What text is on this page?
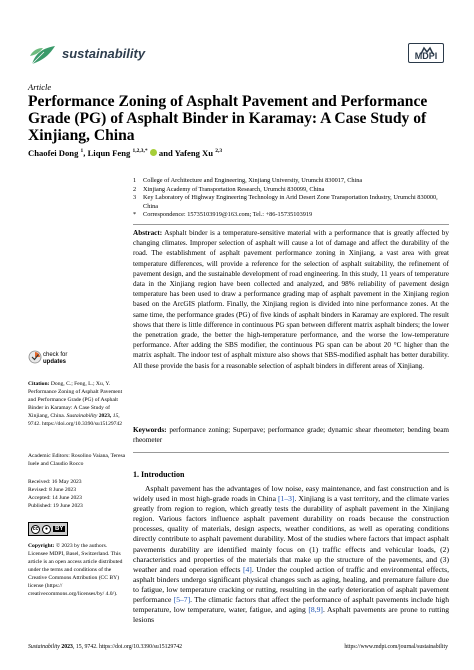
sustainability	MDPI
Article
Performance Zoning of Asphalt Pavement and Performance Grade (PG) of Asphalt Binder in Karamay: A Case Study of Xinjiang, China
Chaofei Dong $^1$, Liqun Feng $^{1,2,3,*}$  and Yafeng Xu $^{2,3}$
1	College of Architecture and Engineering, Xinjiang University, Urumchi 830017, China
2	Xinjiang Academy of Transportation Research, Urumchi 830099, China
3	Key Laboratory of Highway Engineering Technology in Arid Desert Zone Transportation Industry, Urumchi 830000, China
*	Correspondence: 15735103919@163.com; Tel.: +86-15735103919
Abstract: Asphalt binder is a temperature-sensitive material with a performance that is greatly affected by changing climates. Improper selection of asphalt will cause a lot of damage and affect the durability of the road. The establishment of asphalt pavement performance zoning in Xinjiang, a vast area with great temperature differences, will provide a reference for the selection of asphalt suitability, the refinement of pavement design, and the sustainable development of road engineering. In this study, 11 years of temperature data in the Xinjiang region have been collected and analyzed, and 98% reliability of pavement design temperature has been used to draw a performance grading map of asphalt pavement in the Xinjiang region based on the ArcGIS platform. Finally, the Xinjiang region is divided into nine performance zones. At the same time, the performance grades (PG) of five kinds of asphalt binders in Karamay are explored. The result shows that there is little difference in continuous PG span between different matrix asphalt binders; the lower the penetration grade, the better the high-temperature performance, and the worse the low-temperature performance. After adding the SBS modifier, the continuous PG span can be about 20 °C higher than the matrix asphalt. The indoor test of asphalt mixture also shows that SBS-modified asphalt has better durability. All these provide the basis for a reasonable selection of asphalt binders in different areas of Xinjiang.
Keywords: performance zoning; Superpave; performance grade; dynamic shear rheometer; bending beam rheometer
check for
updates
Citation: Dong, C.; Feng, L.; Xu, Y. Performance Zoning of Asphalt Pavement and Performance Grade (PG) of Asphalt Binder in Karamay: A Case Study of Xinjiang, China. Sustainability 2023, 15, 9742. https://doi.org/10.3390/su15129742
Academic Editors: Rosolino Vaiana, Teresa Iuele and Claudio Rocco
Received: 16 May 2023
Revised: 8 June 2023
Accepted: 14 June 2023
Published: 19 June 2023
cc	●	BY
Copyright: © 2023 by the authors. Licensee MDPI, Basel, Switzerland. This article is an open access article distributed under the terms and conditions of the Creative Commons Attribution (CC BY) license (https:// creativecommons.org/licenses/by/ 4.0/).
1. Introduction
Asphalt pavement has the advantages of low noise, easy maintenance, and fast construction and is widely used in most high-grade roads in China [1–3]. Xinjiang is a vast territory, and the climate varies greatly from region to region, which greatly tests the durability of asphalt pavement in the Xinjiang region. Various factors influence asphalt pavement durability on roads because the construction processes, quality of materials, design aspects, weather conditions, as well as operating conditions directly contribute to asphalt pavement durability. Most of the studies where factors that impact asphalt pavements durability are identified mainly focus on (1) traffic effects and vehicular loads, (2) characteristics and properties of the materials that make up the structure of the pavements, and (3) weather and road operation effects [4]. Under the coupled action of traffic and environmental effects, asphalt binders undergo significant physical changes such as aging, healing, and premature failure due to fatigue, low temperature cracking or rutting, resulting in the early deterioration of asphalt pavement performance [5–7]. The climatic factors that affect the performance of asphalt pavements include high temperature, low temperature, water, fatigue, and aging [8,9]. Asphalt pavements are prone to rutting lesions
Sustainability 2023, 15, 9742. https://doi.org/10.3390/su15129742	https://www.mdpi.com/journal/sustainability
